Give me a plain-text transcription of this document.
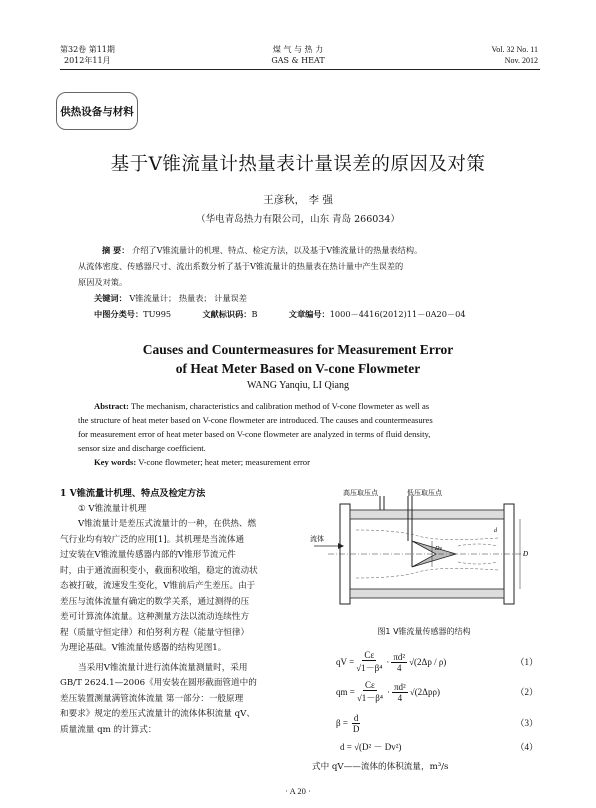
第32卷 第11期
2012年11月
煤 气 与 热 力
GAS & HEAT
Vol. 32 No. 11
Nov. 2012
供热设备与材料
基于V锥流量计热量表计量误差的原因及对策
王彦秋， 李 强
（华电青岛热力有限公司，山东 青岛 266034）
摘 要： 介绍了V锥流量计的机理、特点、检定方法，以及基于V锥流量计的热量表结构。
从流体密度、传感器尺寸、流出系数分析了基于V锥流量计的热量表在热计量中产生误差的
原因及对策。
关键词： V锥流量计； 热量表； 计量误差
中图分类号：TU995	文献标识码：B	文章编号：1000－4416(2012)11－0A20－04
Causes and Countermeasures for Measurement Error
of Heat Meter Based on V-cone Flowmeter
WANG Yanqiu, LI Qiang
Abstract: The mechanism, characteristics and calibration method of V-cone flowmeter as well as
the structure of heat meter based on V-cone flowmeter are introduced. The causes and countermeasures
for measurement error of heat meter based on V-cone flowmeter are analyzed in terms of fluid density,
sensor size and discharge coefficient.
Key words: V-cone flowmeter; heat meter; measurement error
1 V锥流量计机理、特点及检定方法
① V锥流量计机理
V锥流量计是差压式流量计的一种，在供热、燃
气行业均有较广泛的应用[1]。其机理是当流体通
过安装在V锥流量传感器内部的V锥形节流元件
时，由于通流面积变小，截面积收缩，稳定的流动状
态被打破，流速发生变化，V锥前后产生差压。由于
差压与流体流量有确定的数学关系，通过测得的压
差可计算流体流量。这种测量方法以流动连续性方
程（质量守恒定律）和伯努利方程（能量守恒律）
为理论基础。V锥流量传感器的结构见图1。
当采用V锥流量计进行流体流量测量时，采用
GB/T 2624.1—2006《用安装在圆形截面管道中的
差压装置测量满管流体流量 第一部分：一般原理
和要求》规定的差压式流量计的流体体积流量 qV、
质量流量 qm 的计算式：
高压取压点	低压取压点
流体
D
Dv
d
图1 V锥流量传感器的结构
qV = $\frac{C\varepsilon}{\text{√1－β⁴}} \cdot \frac{\text{πd²}}{4} √(2\Delta p / \rho)$	（1）
qm = $\frac{C\varepsilon}{\text{√1－β⁴}} \cdot \frac{\text{πd²}}{4} √(2\Delta p\rho)$	（2）
$\beta = \frac{d}{D}$	（3）
d = √(D² － Dv²)	（4）
式中 qV——流体的体积流量，m³/s
· A 20 ·
